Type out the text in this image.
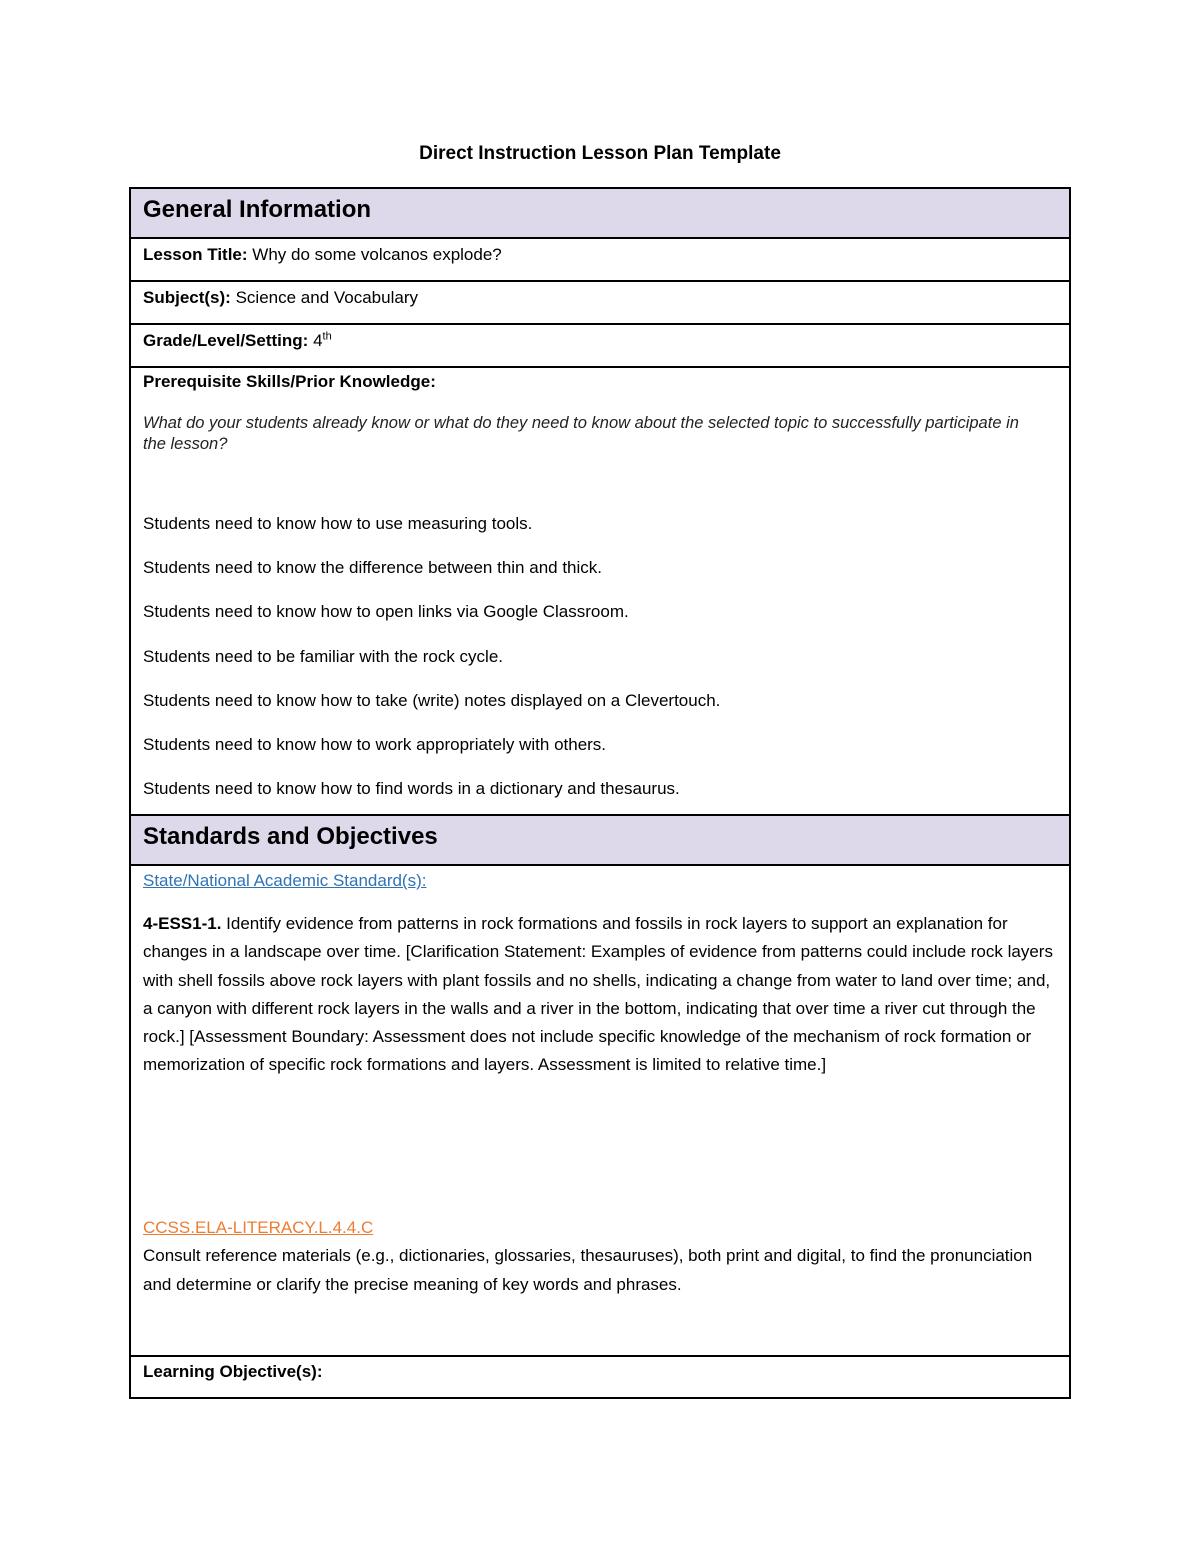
Direct Instruction Lesson Plan Template
General Information
Lesson Title: Why do some volcanos explode?
Subject(s): Science and Vocabulary
Grade/Level/Setting: 4th
Prerequisite Skills/Prior Knowledge:
What do your students already know or what do they need to know about the selected topic to successfully participate in the lesson?
Students need to know how to use measuring tools.
Students need to know the difference between thin and thick.
Students need to know how to open links via Google Classroom.
Students need to be familiar with the rock cycle.
Students need to know how to take (write) notes displayed on a Clevertouch.
Students need to know how to work appropriately with others.
Students need to know how to find words in a dictionary and thesaurus.
Standards and Objectives
State/National Academic Standard(s):
4-ESS1-1. Identify evidence from patterns in rock formations and fossils in rock layers to support an explanation for changes in a landscape over time. [Clarification Statement: Examples of evidence from patterns could include rock layers with shell fossils above rock layers with plant fossils and no shells, indicating a change from water to land over time; and, a canyon with different rock layers in the walls and a river in the bottom, indicating that over time a river cut through the rock.] [Assessment Boundary: Assessment does not include specific knowledge of the mechanism of rock formation or memorization of specific rock formations and layers. Assessment is limited to relative time.]
CCSS.ELA-LITERACY.L.4.4.C
Consult reference materials (e.g., dictionaries, glossaries, thesauruses), both print and digital, to find the pronunciation and determine or clarify the precise meaning of key words and phrases.
Learning Objective(s):
